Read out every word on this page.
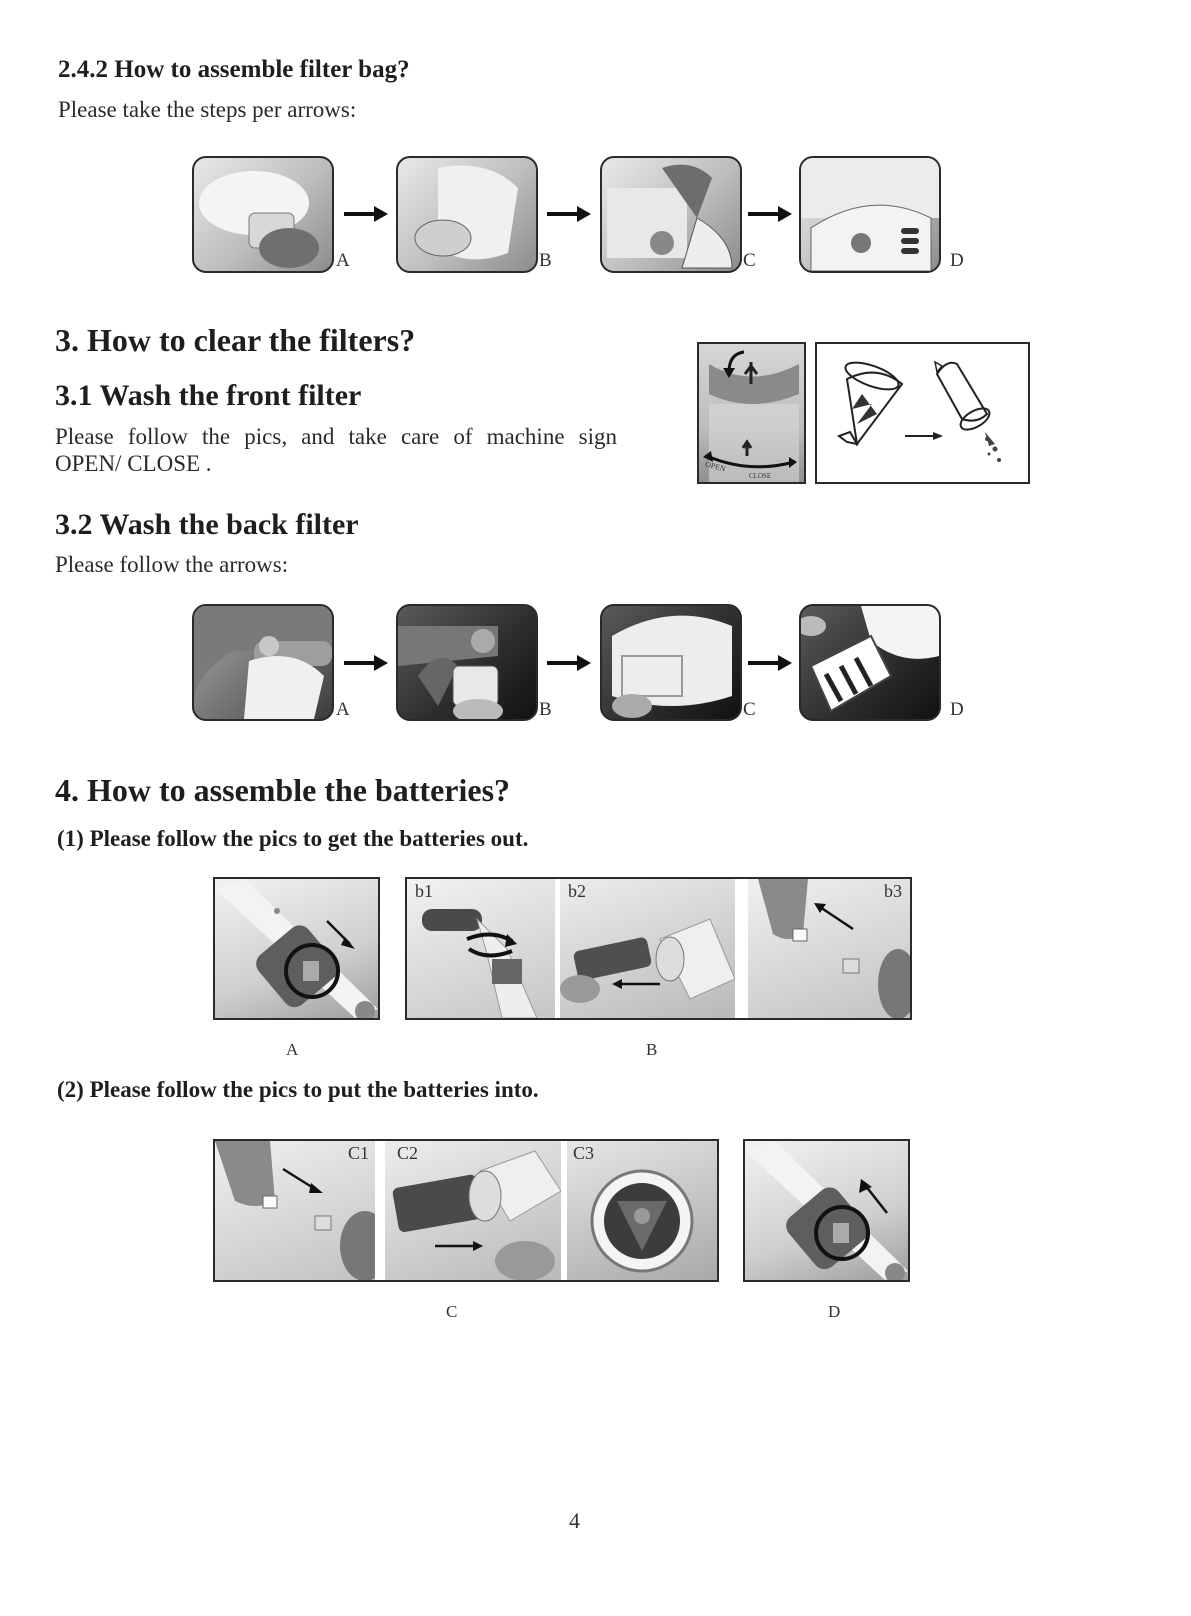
2.4.2 How to assemble filter bag?
Please take the steps per arrows:
A	B	C	D
3. How to clear the filters?
3.1 Wash the front filter
Please follow the pics, and take care of machine sign
OPEN/ CLOSE .	OPEN
CLOSE
3.2 Wash the back filter
Please follow the arrows:
A	B	C	D
4. How to assemble the batteries?
(1) Please follow the pics to get the batteries out.
b1	b2	b3
A	B
(2) Please follow the pics to put the batteries into.
C1 C2	C3
C	D
4
